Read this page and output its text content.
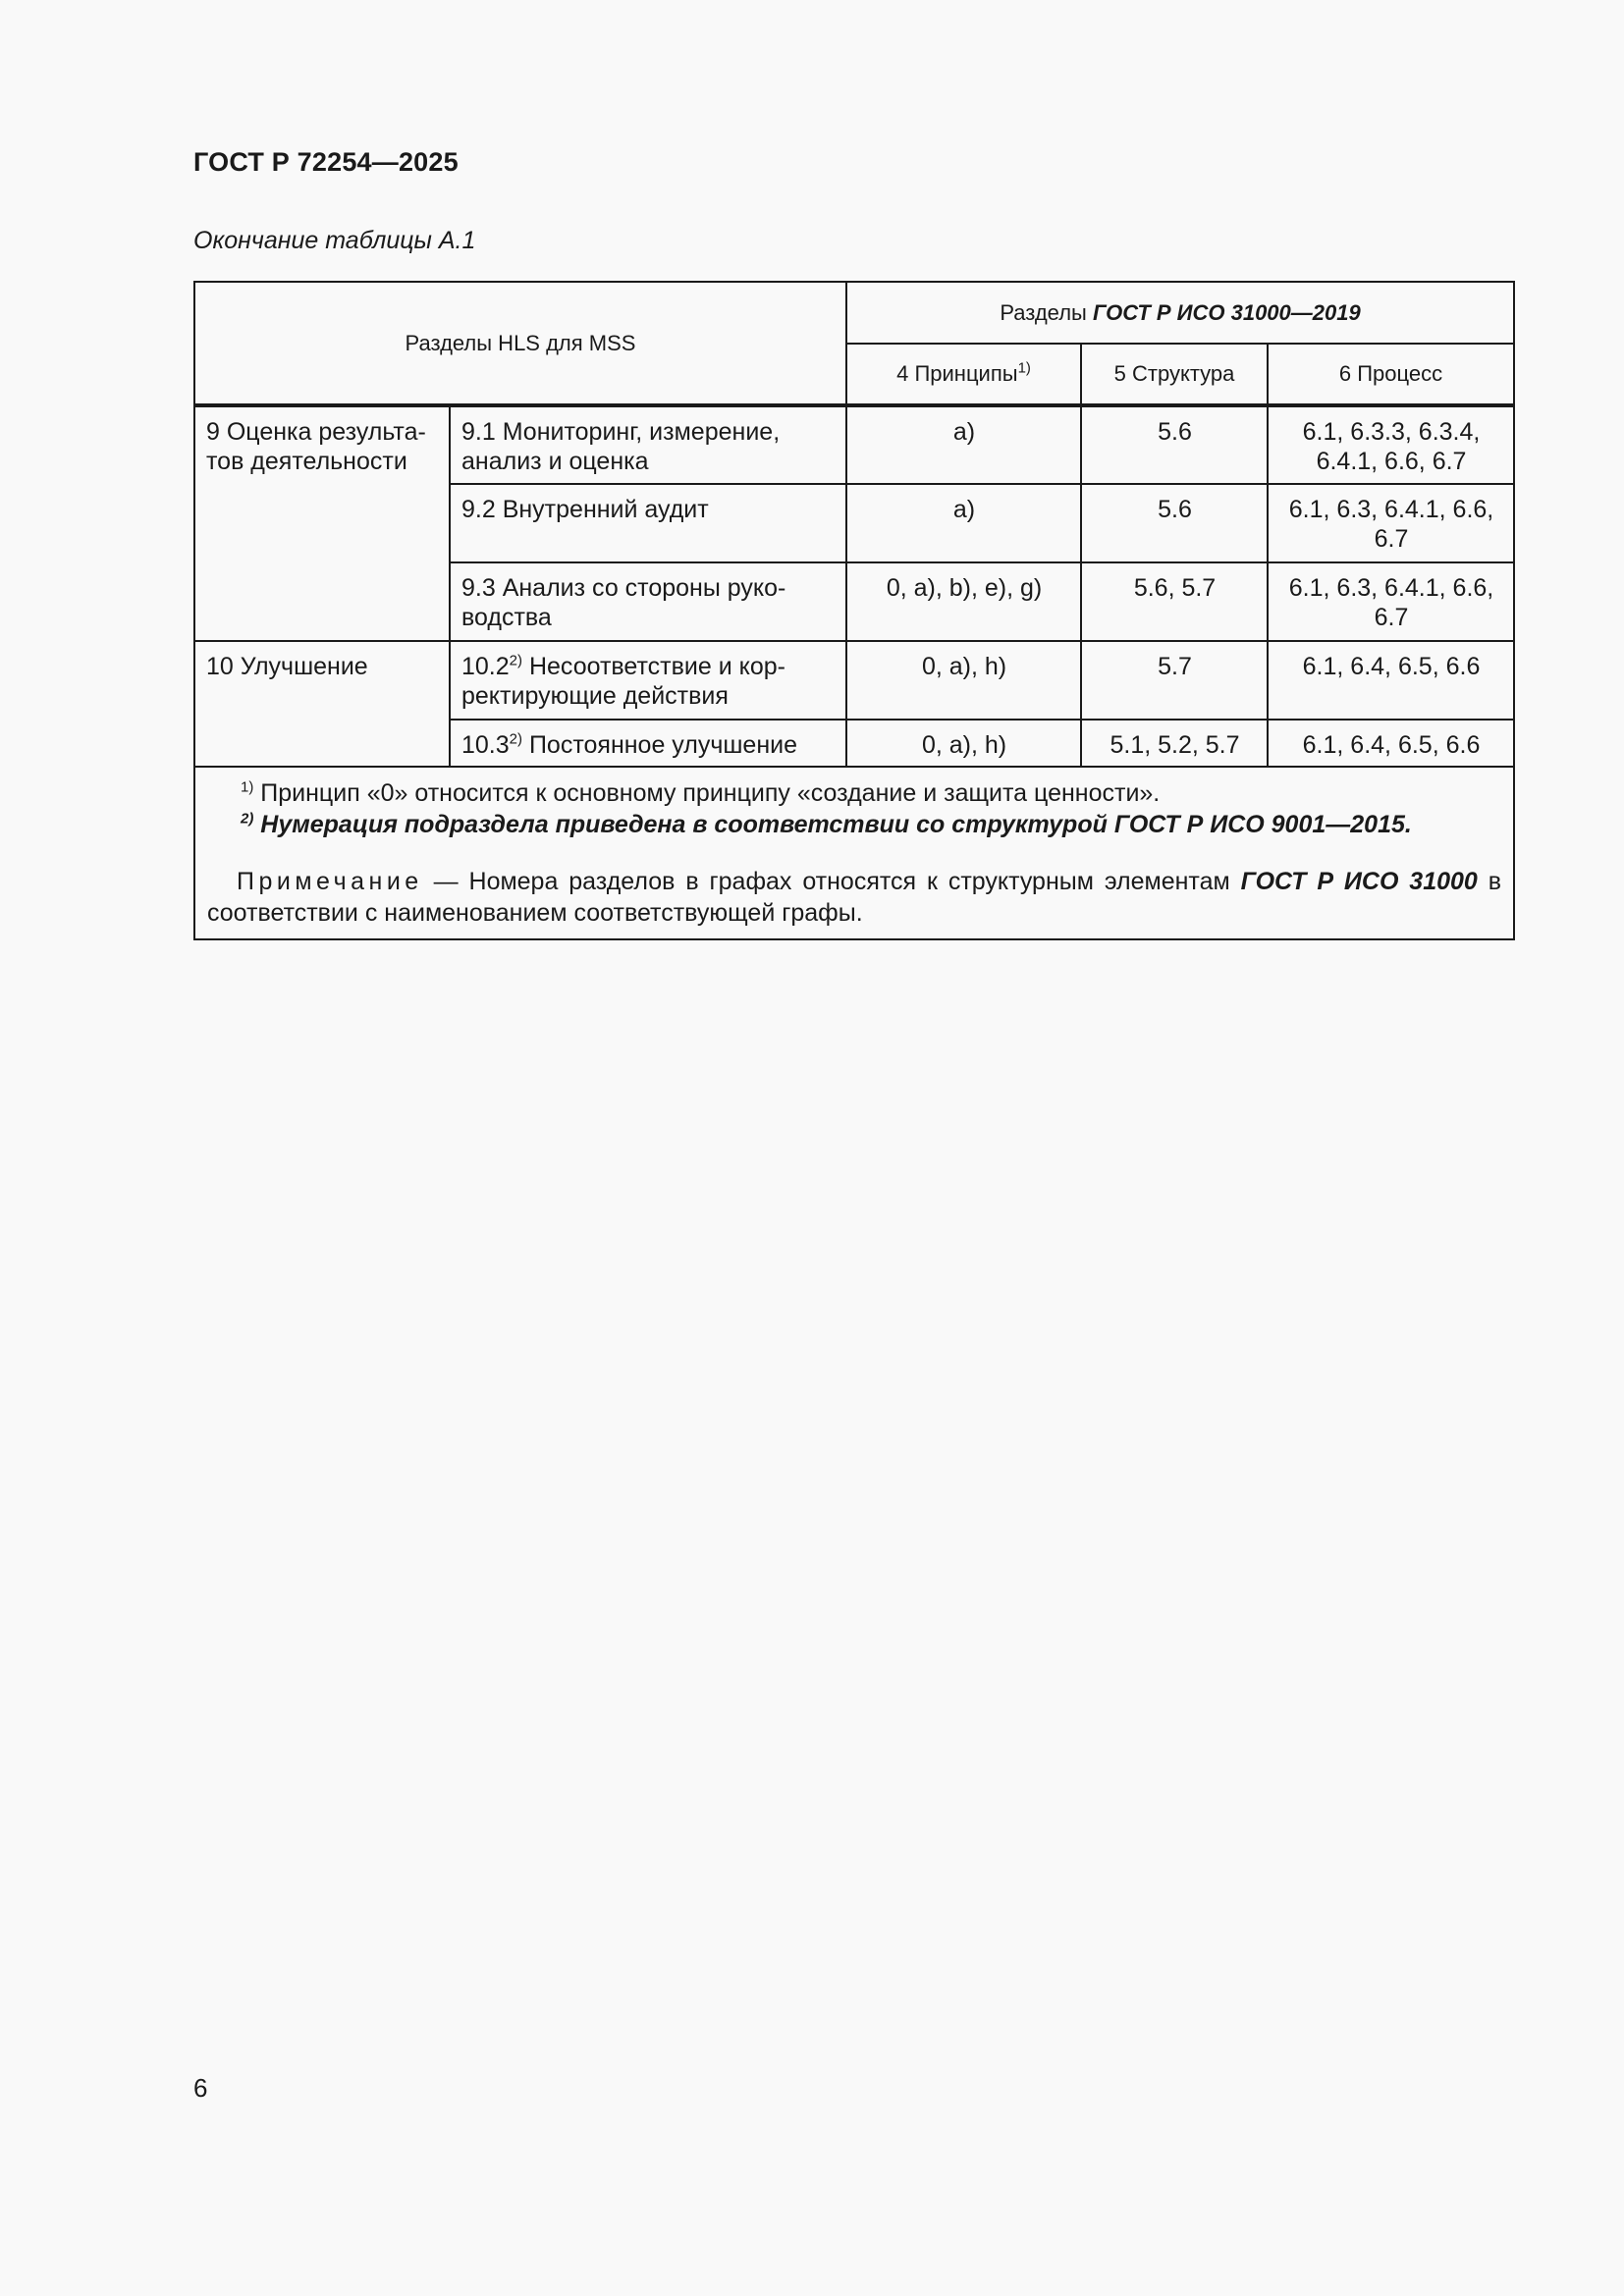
ГОСТ Р 72254—2025
Окончание таблицы А.1
Разделы HLS для MSS		Разделы ГОСТ Р ИСО 31000—2019		
		4 Принципы$^{1)}$	5 Структура	6 Процесс
9 Оценка результа-тов деятельности	9.1 Мониторинг, измерение, анализ и оценка	a)	5.6	6.1, 6.3.3, 6.3.4, 6.4.1, 6.6, 6.7
	9.2 Внутренний аудит	a)	5.6	6.1, 6.3, 6.4.1, 6.6, 6.7
	9.3 Анализ со стороны руко-водства	0, a), b), e), g)	5.6, 5.7	6.1, 6.3, 6.4.1, 6.6, 6.7
10 Улучшение	10.2$^{2)}$ Несоответствие и кор-ректирующие действия	0, a), h)	5.7	6.1, 6.4, 6.5, 6.6
	10.3$^{2)}$ Постоянное улучшение	0, a), h)	5.1, 5.2, 5.7	6.1, 6.4, 6.5, 6.6

$^{1)}$ Принцип «0» относится к основному принципу «создание и защита ценности».
$^{2)}$ Нумерация подраздела приведена в соответствии со структурой ГОСТ Р ИСО 9001—2015.
Примечание — Номера разделов в графах относятся к структурным элементам ГОСТ Р ИСО 31000 в соответствии с наименованием соответствующей графы.				
6
